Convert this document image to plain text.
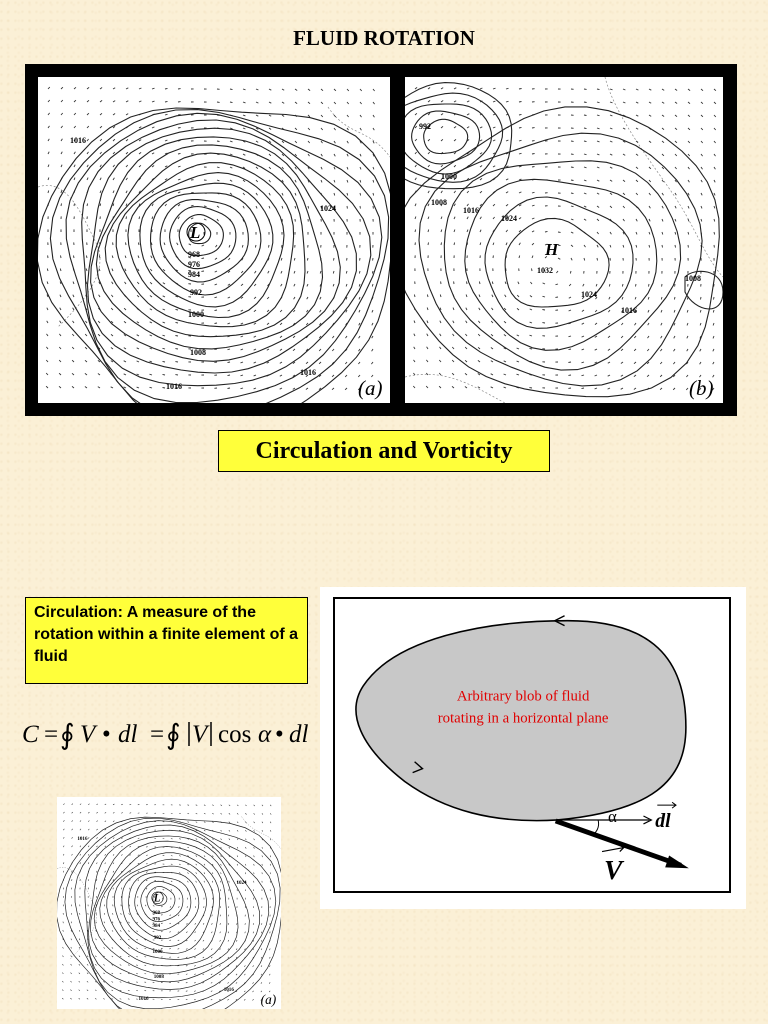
FLUID ROTATION
1016
1024
968
976
984
992
1000
1008
1016
1016
L
(a)
992
1000
1008
1016
1024
1032
1024
1016
1008
H
(b)
Circulation and Vorticity
Circulation: A measure of the rotation within a finite element of a fluid
C = ∮ V • dl = ∮ V cos α • dl
1016
1024
968
976
984
992
1000
1008
1016
1016
L
(a)
Arbitrary blob of fluid
rotating in a horizontal plane
dl
α
V
